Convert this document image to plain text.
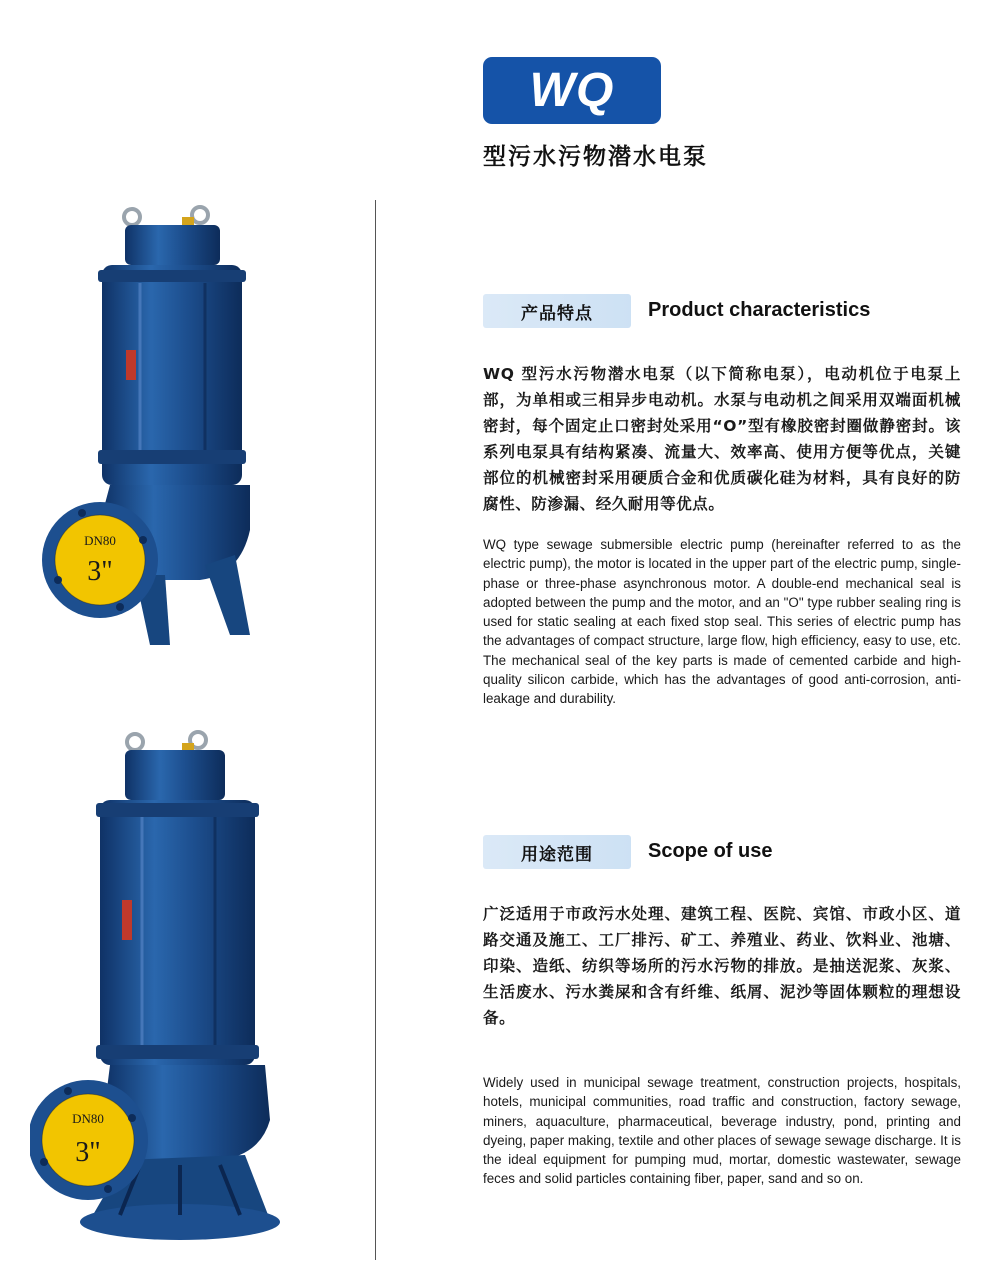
WQ
型污水污物潜水电泵
DN80
3"
DN80
3"
产品特点	Product characteristics
WQ 型污水污物潜水电泵（以下简称电泵），电动机位于电泵上部，为单相或三相异步电动机。水泵与电动机之间采用双端面机械密封，每个固定止口密封处采用“O”型有橡胶密封圈做静密封。该系列电泵具有结构紧凑、流量大、效率高、使用方便等优点，关键部位的机械密封采用硬质合金和优质碳化硅为材料，具有良好的防腐性、防渗漏、经久耐用等优点。
WQ type sewage submersible electric pump (hereinafter referred to as the electric pump), the motor is located in the upper part of the electric pump, single-phase or three-phase asynchronous motor. A double-end mechanical seal is adopted between the pump and the motor, and an "O" type rubber sealing ring is used for static sealing at each fixed stop seal. This series of electric pump has the advantages of compact structure, large flow, high efficiency, easy to use, etc. The mechanical seal of the key parts is made of cemented carbide and high-quality silicon carbide, which has the advantages of good anti-corrosion, anti-leakage and durability.
用途范围	Scope of use
广泛适用于市政污水处理、建筑工程、医院、宾馆、市政小区、道路交通及施工、工厂排污、矿工、养殖业、药业、饮料业、池塘、印染、造纸、纺织等场所的污水污物的排放。是抽送泥浆、灰浆、生活废水、污水粪屎和含有纤维、纸屑、泥沙等固体颗粒的理想设备。
Widely used in municipal sewage treatment, construction projects, hospitals, hotels, municipal communities, road traffic and construction, factory sewage, miners, aquaculture, pharmaceutical, beverage industry, pond, printing and dyeing, paper making, textile and other places of sewage sewage discharge. It is the ideal equipment for pumping mud, mortar, domestic wastewater, sewage feces and solid particles containing fiber, paper, sand and so on.
